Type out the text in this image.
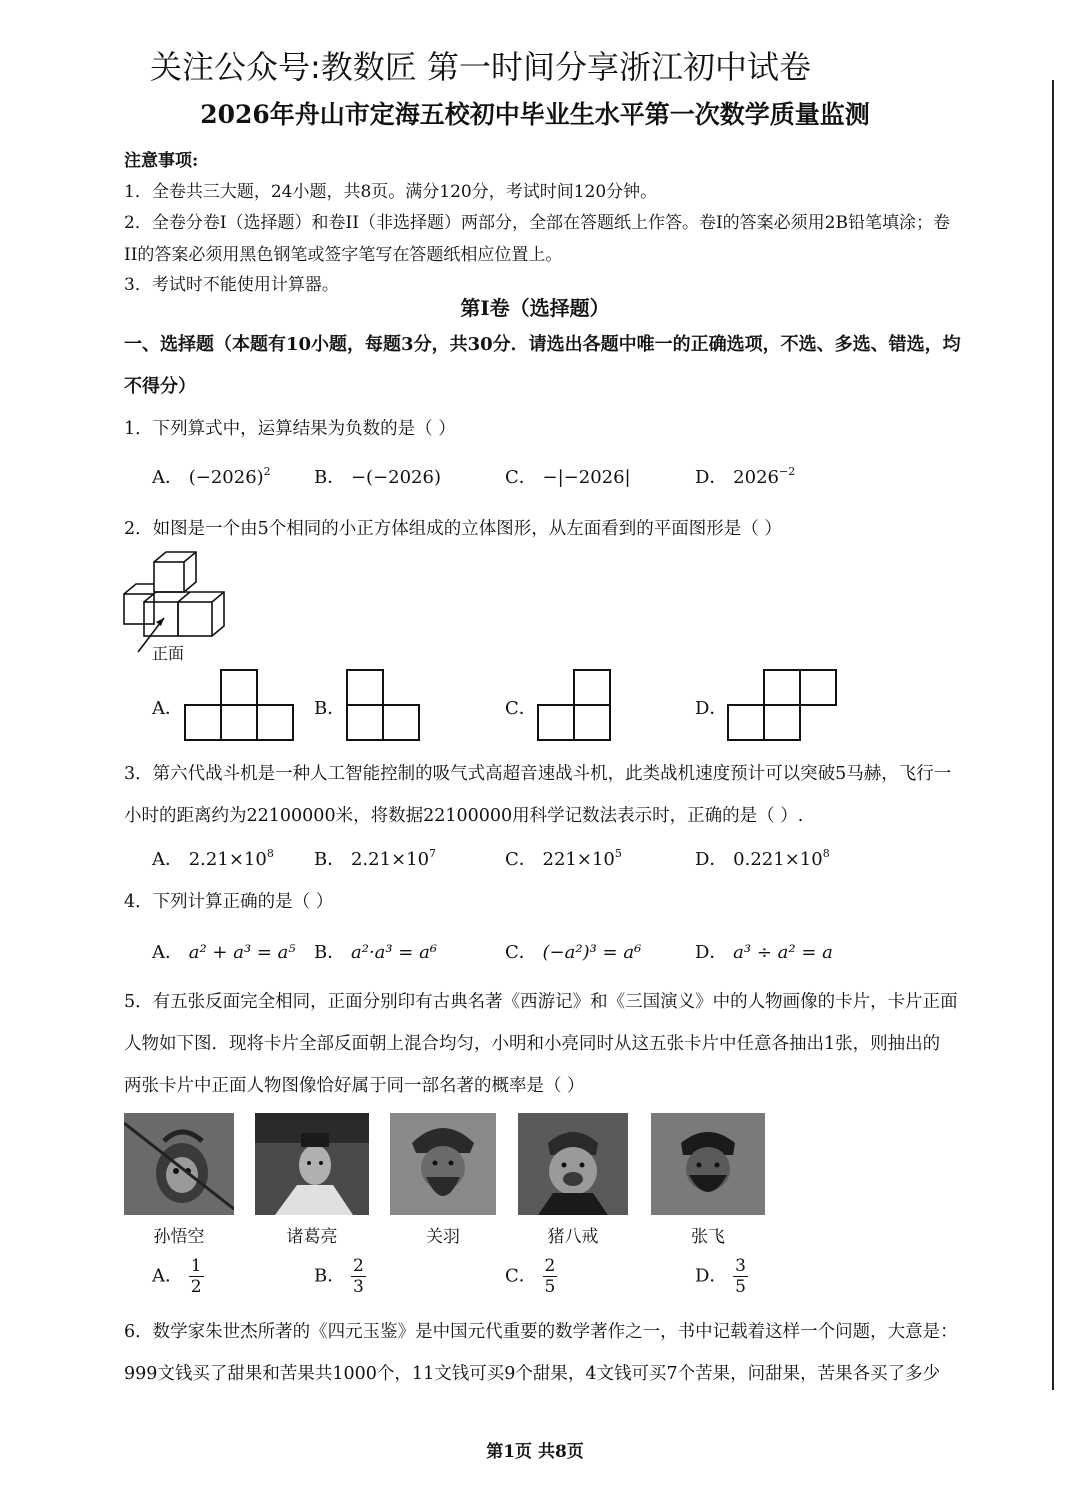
关注公众号:教数匠 第一时间分享浙江初中试卷
2026年舟山市定海五校初中毕业生水平第一次数学质量监测
注意事项:
1．全卷共三大题，24小题，共8页。满分120分，考试时间120分钟。
2．全卷分卷I（选择题）和卷II（非选择题）两部分，全部在答题纸上作答。卷I的答案必须用2B铅笔填涂；卷
II的答案必须用黑色钢笔或签字笔写在答题纸相应位置上。
3．考试时不能使用计算器。
第I卷（选择题）
一、选择题（本题有10小题，每题3分，共30分．请选出各题中唯一的正确选项，不选、多选、错选，均
不得分）
1．下列算式中，运算结果为负数的是（ ）
A． $(-2026)^2$ B． −(−2026)	C． −|−2026|	D． $2026^{-2}$
2．如图是一个由5个相同的小正方体组成的立体图形，从左面看到的平面图形是（ ）
正面
A．	B．	C．	D．
3．第六代战斗机是一种人工智能控制的吸气式高超音速战斗机，此类战机速度预计可以突破5马赫，飞行一
小时的距离约为22100000米，将数据22100000用科学记数法表示时，正确的是（ ）.
A． $2.21\times 10^8$ B． $2.21\times 10^7$	C． $221\times 10^5$	D． $0.221\times 10^8$
4．下列计算正确的是（ ）
A． a² + a³ = a⁵ B． a²·a³ = a⁶	C． (−a²)³ = a⁶	D． a³ ÷ a² = a
5．有五张反面完全相同，正面分别印有古典名著《西游记》和《三国演义》中的人物画像的卡片，卡片正面
人物如下图．现将卡片全部反面朝上混合均匀，小明和小亮同时从这五张卡片中任意各抽出1张，则抽出的
两张卡片中正面人物图像恰好属于同一部名著的概率是（ ）
孙悟空	诸葛亮	关羽	猪八戒	张飞
A． $\frac{1}{2}$	B． $\frac{2}{3}$	C． $\frac{2}{5}$	D． $\frac{3}{5}$
6．数学家朱世杰所著的《四元玉鉴》是中国元代重要的数学著作之一，书中记载着这样一个问题，大意是：
999文钱买了甜果和苦果共1000个，11文钱可买9个甜果，4文钱可买7个苦果，问甜果，苦果各买了多少
第1页 共8页
